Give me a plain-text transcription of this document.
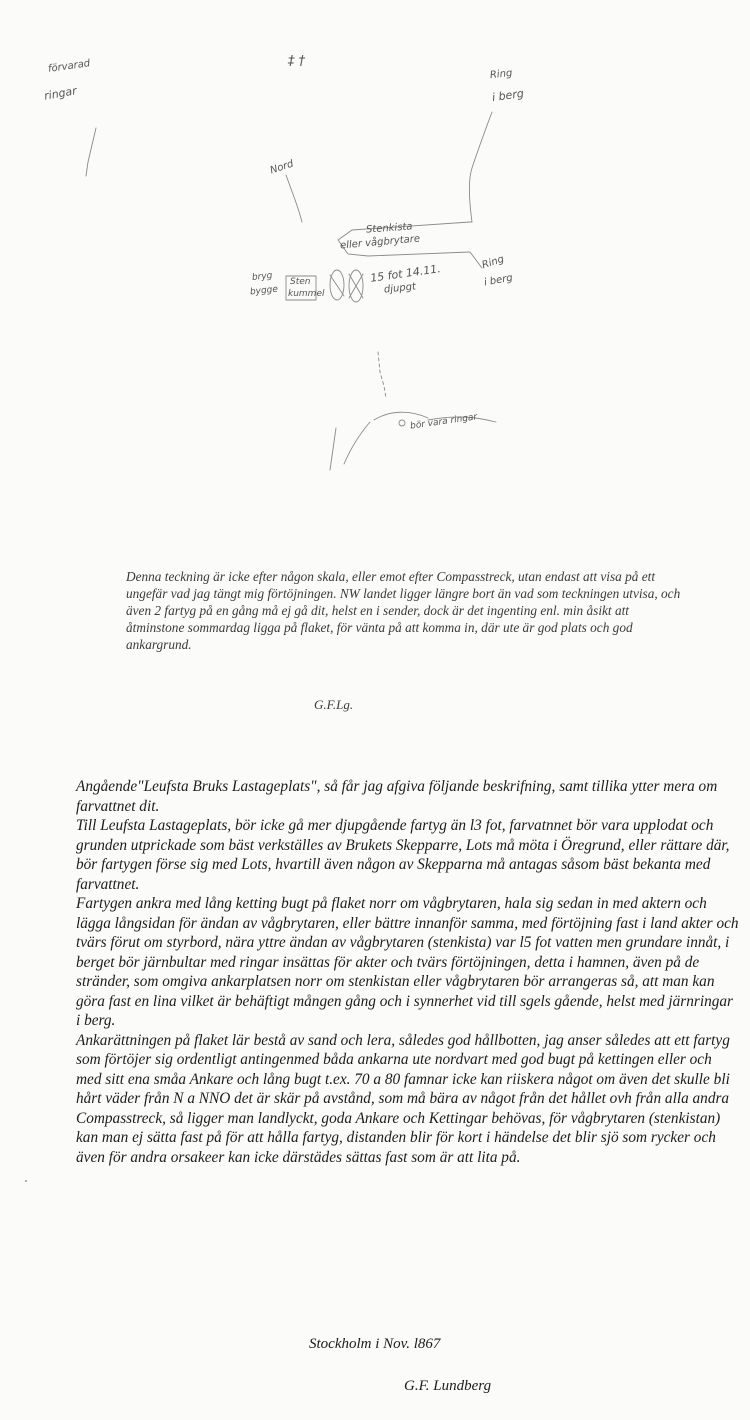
förvarad
ringar
‡ †
Ring
i berg
Nord
Stenkista
eller vågbrytare
Ring
i berg
bryg
bygge
Sten
kummel
15 fot 14.11.
djupgt
bör vara ringar

Denna teckning är icke efter någon skala, eller emot efter Compasstreck, utan endast att visa på ett ungefär vad jag tängt mig förtöjningen. NW landet ligger längre bort än vad som teckningen utvisa, och även 2 fartyg på en gång må ej gå dit, helst en i sender, dock är det ingenting enl. min åsikt att åtminstone sommardag ligga på flaket, för vänta på att komma in, där ute är god plats och god ankargrund.

G.F.Lg.

Angående"Leufsta Bruks Lastageplats", så får jag afgiva följande beskrifning, samt tillika ytter mera om farvattnet dit.

Till Leufsta Lastageplats, bör icke gå mer djupgående fartyg än l3 fot, farvatnnet bör vara upplodat och grunden utprickade som bäst verkställes av Brukets Skepparre, Lots må möta i Öregrund, eller rättare där, bör fartygen förse sig med Lots, hvartill även någon av Skepparna må antagas såsom bäst bekanta med farvattnet.

Fartygen ankra med lång ketting bugt på flaket norr om vågbrytaren, hala sig sedan in med aktern och lägga långsidan för ändan av vågbrytaren, eller bättre innanför samma, med förtöjning fast i land akter och tvärs förut om styrbord, nära yttre ändan av vågbrytaren (stenkista) var l5 fot vatten men grundare innåt, i berget bör järnbultar med ringar insättas för akter och tvärs förtöjningen, detta i hamnen, även på de stränder, som omgiva ankarplatsen norr om stenkistan eller vågbrytaren bör arrangeras så, att man kan göra fast en lina vilket är behäftigt mången gång och i synnerhet vid till sgels gående, helst med järnringar i berg.

Ankarättningen på flaket lär bestå av sand och lera, således god hållbotten, jag anser således att ett fartyg som förtöjer sig ordentligt antingenmed båda ankarna ute nordvart med god bugt på kettingen eller och med sitt ena småa Ankare och lång bugt t.ex. 70 a 80 famnar icke kan riiskera något om även det skulle bli hårt väder från N a NNO det är skär på avstånd, som må bära av något från det hållet ovh från alla andra Compasstreck, så ligger man landlyckt, goda Ankare och Kettingar behövas, för vågbrytaren (stenkistan) kan man ej sätta fast på för att hålla fartyg, distanden blir för kort i händelse det blir sjö som rycker och även för andra orsakeer kan icke därstädes sättas fast som är att lita på.

Stockholm i Nov. l867
G.F. Lundberg
